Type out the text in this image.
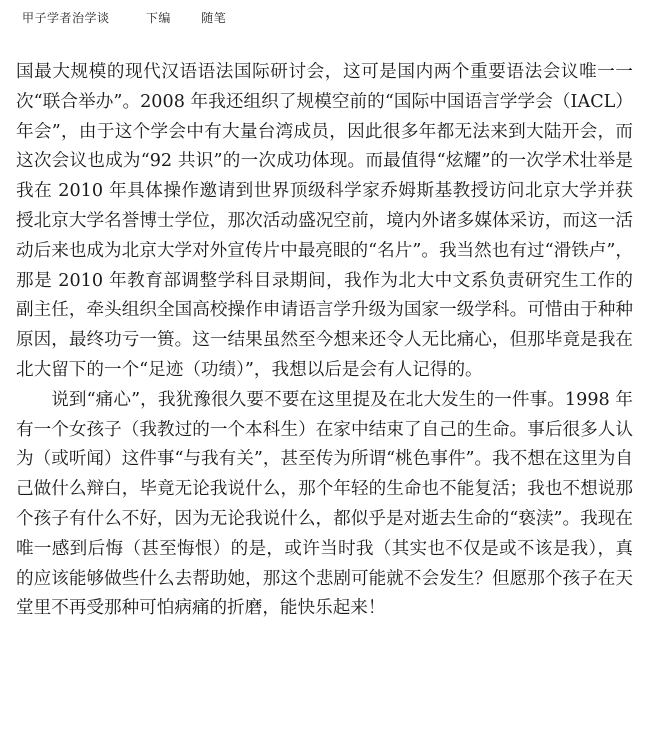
甲子学者治学谈	下编	随笔

国最大规模的现代汉语语法国际研讨会，这可是国内两个重要语法会议唯一一次“联合举办”。2008 年我还组织了规模空前的“国际中国语言学学会（IACL）年会”，由于这个学会中有大量台湾成员，因此很多年都无法来到大陆开会，而这次会议也成为“92 共识”的一次成功体现。而最值得“炫耀”的一次学术壮举是我在 2010 年具体操作邀请到世界顶级科学家乔姆斯基教授访问北京大学并获授北京大学名誉博士学位，那次活动盛况空前，境内外诸多媒体采访，而这一活动后来也成为北京大学对外宣传片中最亮眼的“名片”。我当然也有过“滑铁卢”，那是 2010 年教育部调整学科目录期间，我作为北大中文系负责研究生工作的副主任，牵头组织全国高校操作申请语言学升级为国家一级学科。可惜由于种种原因，最终功亏一篑。这一结果虽然至今想来还令人无比痛心，但那毕竟是我在北大留下的一个“足迹（功绩）”，我想以后是会有人记得的。

说到“痛心”，我犹豫很久要不要在这里提及在北大发生的一件事。1998 年有一个女孩子（我教过的一个本科生）在家中结束了自己的生命。事后很多人认为（或听闻）这件事“与我有关”，甚至传为所谓“桃色事件”。我不想在这里为自己做什么辩白，毕竟无论我说什么，那个年轻的生命也不能复活；我也不想说那个孩子有什么不好，因为无论我说什么，都似乎是对逝去生命的“亵渎”。我现在唯一感到后悔（甚至悔恨）的是，或许当时我（其实也不仅是或不该是我），真的应该能够做些什么去帮助她，那这个悲剧可能就不会发生？但愿那个孩子在天堂里不再受那种可怕病痛的折磨，能快乐起来！
